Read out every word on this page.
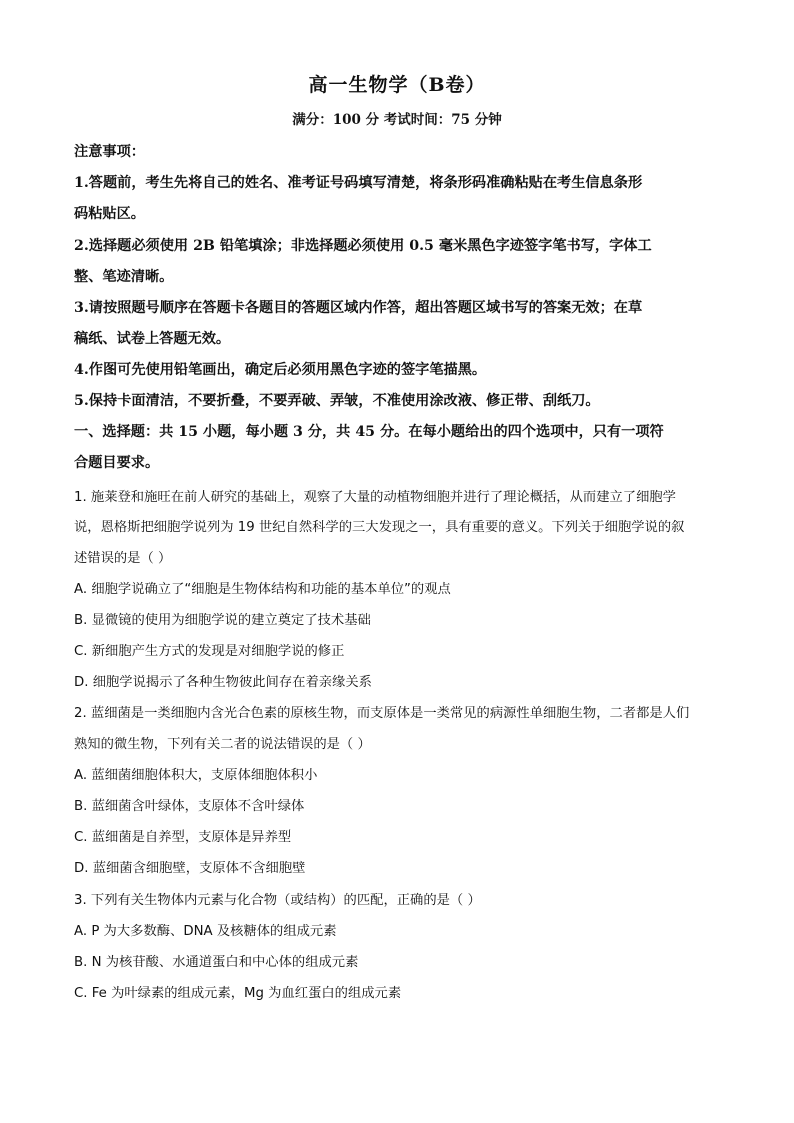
高一生物学（B卷）
满分：100 分 考试时间：75 分钟
注意事项：
1.答题前，考生先将自己的姓名、准考证号码填写清楚，将条形码准确粘贴在考生信息条形
码粘贴区。
2.选择题必须使用 2B 铅笔填涂；非选择题必须使用 0.5 毫米黑色字迹签字笔书写，字体工
整、笔迹清晰。
3.请按照题号顺序在答题卡各题目的答题区域内作答，超出答题区域书写的答案无效；在草
稿纸、试卷上答题无效。
4.作图可先使用铅笔画出，确定后必须用黑色字迹的签字笔描黑。
5.保持卡面清洁，不要折叠，不要弄破、弄皱，不准使用涂改液、修正带、刮纸刀。
一、选择题：共 15 小题，每小题 3 分，共 45 分。在每小题给出的四个选项中，只有一项符
合题目要求。
1. 施莱登和施旺在前人研究的基础上，观察了大量的动植物细胞并进行了理论概括，从而建立了细胞学
说，恩格斯把细胞学说列为 19 世纪自然科学的三大发现之一，具有重要的意义。下列关于细胞学说的叙
述错误的是（ ）
A. 细胞学说确立了“细胞是生物体结构和功能的基本单位”的观点
B. 显微镜的使用为细胞学说的建立奠定了技术基础
C. 新细胞产生方式的发现是对细胞学说的修正
D. 细胞学说揭示了各种生物彼此间存在着亲缘关系
2. 蓝细菌是一类细胞内含光合色素的原核生物，而支原体是一类常见的病源性单细胞生物，二者都是人们
熟知的微生物，下列有关二者的说法错误的是（ ）
A. 蓝细菌细胞体积大，支原体细胞体积小
B. 蓝细菌含叶绿体，支原体不含叶绿体
C. 蓝细菌是自养型，支原体是异养型
D. 蓝细菌含细胞壁，支原体不含细胞壁
3. 下列有关生物体内元素与化合物（或结构）的匹配，正确的是（ ）
A. P 为大多数酶、DNA 及核糖体的组成元素
B. N 为核苷酸、水通道蛋白和中心体的组成元素
C. Fe 为叶绿素的组成元素，Mg 为血红蛋白的组成元素
